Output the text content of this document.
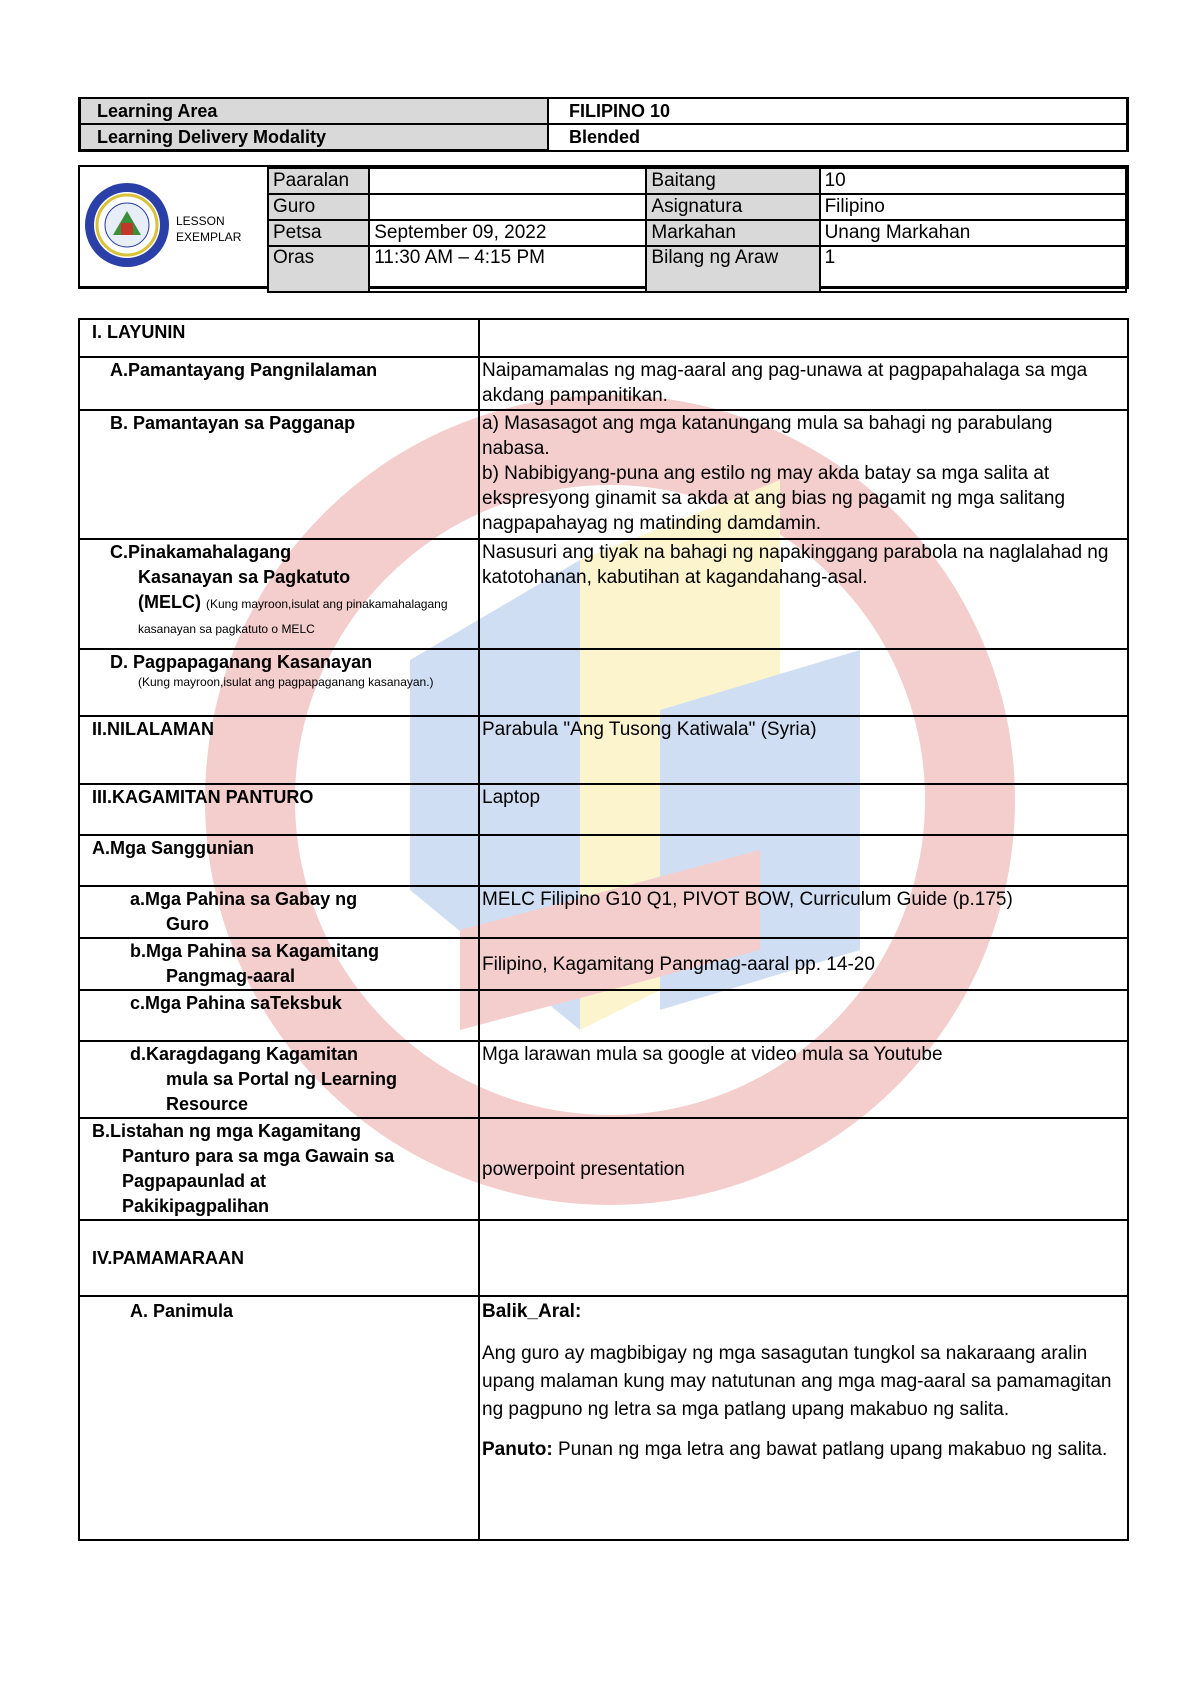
Learning Area	FILIPINO 10
Learning Delivery Modality	Blended
LESSON
EXEMPLAR
Paaralan		Baitang	10
Guro		Asignatura	Filipino
Petsa	September 09, 2022	Markahan	Unang Markahan
Oras	11:30 AM – 4:15 PM	Bilang ng Araw	1
I. LAYUNIN	

A.Pamantayang Pangnilalaman	Naipamamalas ng mag-aaral ang pag-unawa at pagpapahalaga sa mga akdang pampanitikan.

B. Pamantayan sa Pagganap	a) Masasagot ang mga katanungang mula sa bahagi ng parabulang nabasa.

b) Nabibigyang-puna ang estilo ng may akda batay sa mga salita at ekspresyong ginamit sa akda at ang bias ng pagamit ng mga salitang nagpapahayag ng matinding damdamin.

C.Pinakamahalagang
Kasanayan sa Pagkatuto
(MELC) (Kung mayroon,isulat ang pinakamahalagang kasanayan sa pagkatuto o MELC	Nasusuri ang tiyak na bahagi ng napakinggang parabola na naglalahad ng katotohanan, kabutihan at kagandahang-asal.

D. Pagpapaganang Kasanayan
(Kung mayroon,isulat ang pagpapaganang kasanayan.)	

II.NILALAMAN	Parabula "Ang Tusong Katiwala" (Syria)
III.KAGAMITAN PANTURO	Laptop
A.Mga Sanggunian	

a.Mga Pahina sa Gabay ng
Guro	MELC Filipino G10 Q1, PIVOT BOW, Curriculum Guide (p.175)

b.Mga Pahina sa Kagamitang
Pangmag-aaral	Filipino, Kagamitang Pangmag-aaral pp. 14-20

c.Mga Pahina saTeksbuk	

d.Karagdagang Kagamitan
mula sa Portal ng Learning
Resource	Mga larawan mula sa google at video mula sa Youtube

B.Listahan ng mga Kagamitang
Panturo para sa mga Gawain sa
Pagpapaunlad at
Pakikipagpalihan	powerpoint presentation
IV.PAMAMARAAN	

A. Panimula	Balik_Aral:

Ang guro ay magbibigay ng mga sasagutan tungkol sa nakaraang aralin upang malaman kung may natutunan ang mga mag-aaral sa pamamagitan ng pagpuno ng letra sa mga patlang upang makabuo ng salita.

Panuto: Punan ng mga letra ang bawat patlang upang makabuo ng salita.
